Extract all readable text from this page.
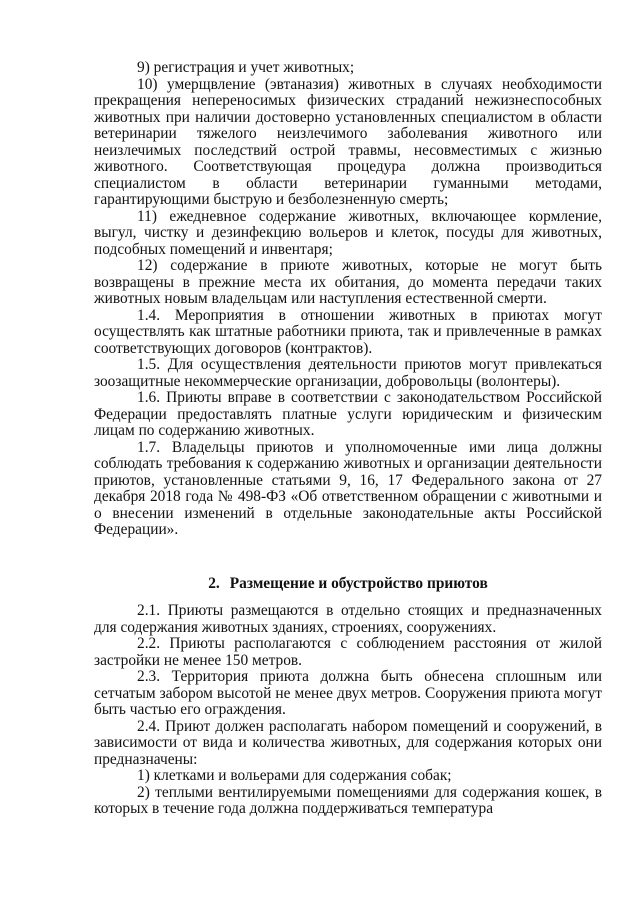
9) регистрация и учет животных;

10) умерщвление (эвтаназия) животных в случаях необходимости прекращения непереносимых физических страданий нежизнеспособных животных при наличии достоверно установленных специалистом в области ветеринарии тяжелого неизлечимого заболевания животного или неизлечимых последствий острой травмы, несовместимых с жизнью животного. Соответствующая процедура должна производиться специалистом в области ветеринарии гуманными методами, гарантирующими быструю и безболезненную смерть;

11) ежедневное содержание животных, включающее кормление, выгул, чистку и дезинфекцию вольеров и клеток, посуды для животных, подсобных помещений и инвентаря;

12) содержание в приюте животных, которые не могут быть возвращены в прежние места их обитания, до момента передачи таких животных новым владельцам или наступления естественной смерти.

1.4. Мероприятия в отношении животных в приютах могут осуществлять как штатные работники приюта, так и привлеченные в рамках соответствующих договоров (контрактов).

1.5. Для осуществления деятельности приютов могут привлекаться зоозащитные некоммерческие организации, добровольцы (волонтеры).

1.6. Приюты вправе в соответствии с законодательством Российской Федерации предоставлять платные услуги юридическим и физическим лицам по содержанию животных.

1.7. Владельцы приютов и уполномоченные ими лица должны соблюдать требования к содержанию животных и организации деятельности приютов, установленные статьями 9, 16, 17 Федерального закона от 27 декабря 2018 года № 498-ФЗ «Об ответственном обращении с животными и о внесении изменений в отдельные законодательные акты Российской Федерации».

2. Размещение и обустройство приютов

2.1. Приюты размещаются в отдельно стоящих и предназначенных для содержания животных зданиях, строениях, сооружениях.

2.2. Приюты располагаются с соблюдением расстояния от жилой застройки не менее 150 метров.

2.3. Территория приюта должна быть обнесена сплошным или сетчатым забором высотой не менее двух метров. Сооружения приюта могут быть частью его ограждения.

2.4. Приют должен располагать набором помещений и сооружений, в зависимости от вида и количества животных, для содержания которых они предназначены:

1) клетками и вольерами для содержания собак;

2) теплыми вентилируемыми помещениями для содержания кошек, в которых в течение года должна поддерживаться температура
